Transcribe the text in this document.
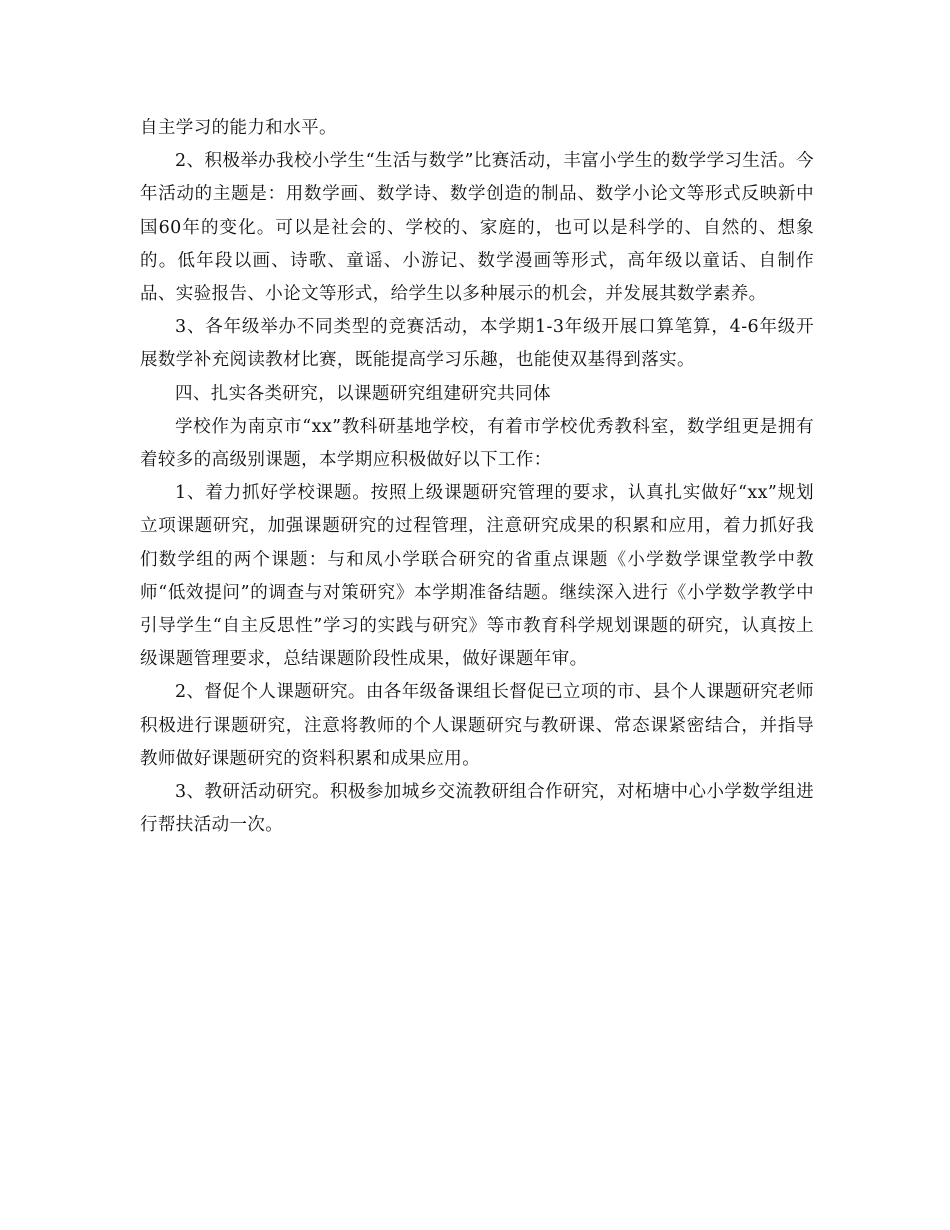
自主学习的能力和水平。

2、积极举办我校小学生“生活与数学”比赛活动，丰富小学生的数学学习生活。今年活动的主题是：用数学画、数学诗、数学创造的制品、数学小论文等形式反映新中国60年的变化。可以是社会的、学校的、家庭的，也可以是科学的、自然的、想象的。低年段以画、诗歌、童谣、小游记、数学漫画等形式，高年级以童话、自制作品、实验报告、小论文等形式，给学生以多种展示的机会，并发展其数学素养。

3、各年级举办不同类型的竞赛活动，本学期1-3年级开展口算笔算，4-6年级开展数学补充阅读教材比赛，既能提高学习乐趣，也能使双基得到落实。

四、扎实各类研究，以课题研究组建研究共同体

学校作为南京市“xx”教科研基地学校，有着市学校优秀教科室，数学组更是拥有着较多的高级别课题，本学期应积极做好以下工作：

1、着力抓好学校课题。按照上级课题研究管理的要求，认真扎实做好“xx”规划立项课题研究，加强课题研究的过程管理，注意研究成果的积累和应用，着力抓好我们数学组的两个课题：与和凤小学联合研究的省重点课题《小学数学课堂教学中教师“低效提问”的调查与对策研究》本学期准备结题。继续深入进行《小学数学教学中引导学生“自主反思性”学习的实践与研究》等市教育科学规划课题的研究，认真按上级课题管理要求，总结课题阶段性成果，做好课题年审。

2、督促个人课题研究。由各年级备课组长督促已立项的市、县个人课题研究老师积极进行课题研究，注意将教师的个人课题研究与教研课、常态课紧密结合，并指导教师做好课题研究的资料积累和成果应用。

3、教研活动研究。积极参加城乡交流教研组合作研究，对柘塘中心小学数学组进行帮扶活动一次。
